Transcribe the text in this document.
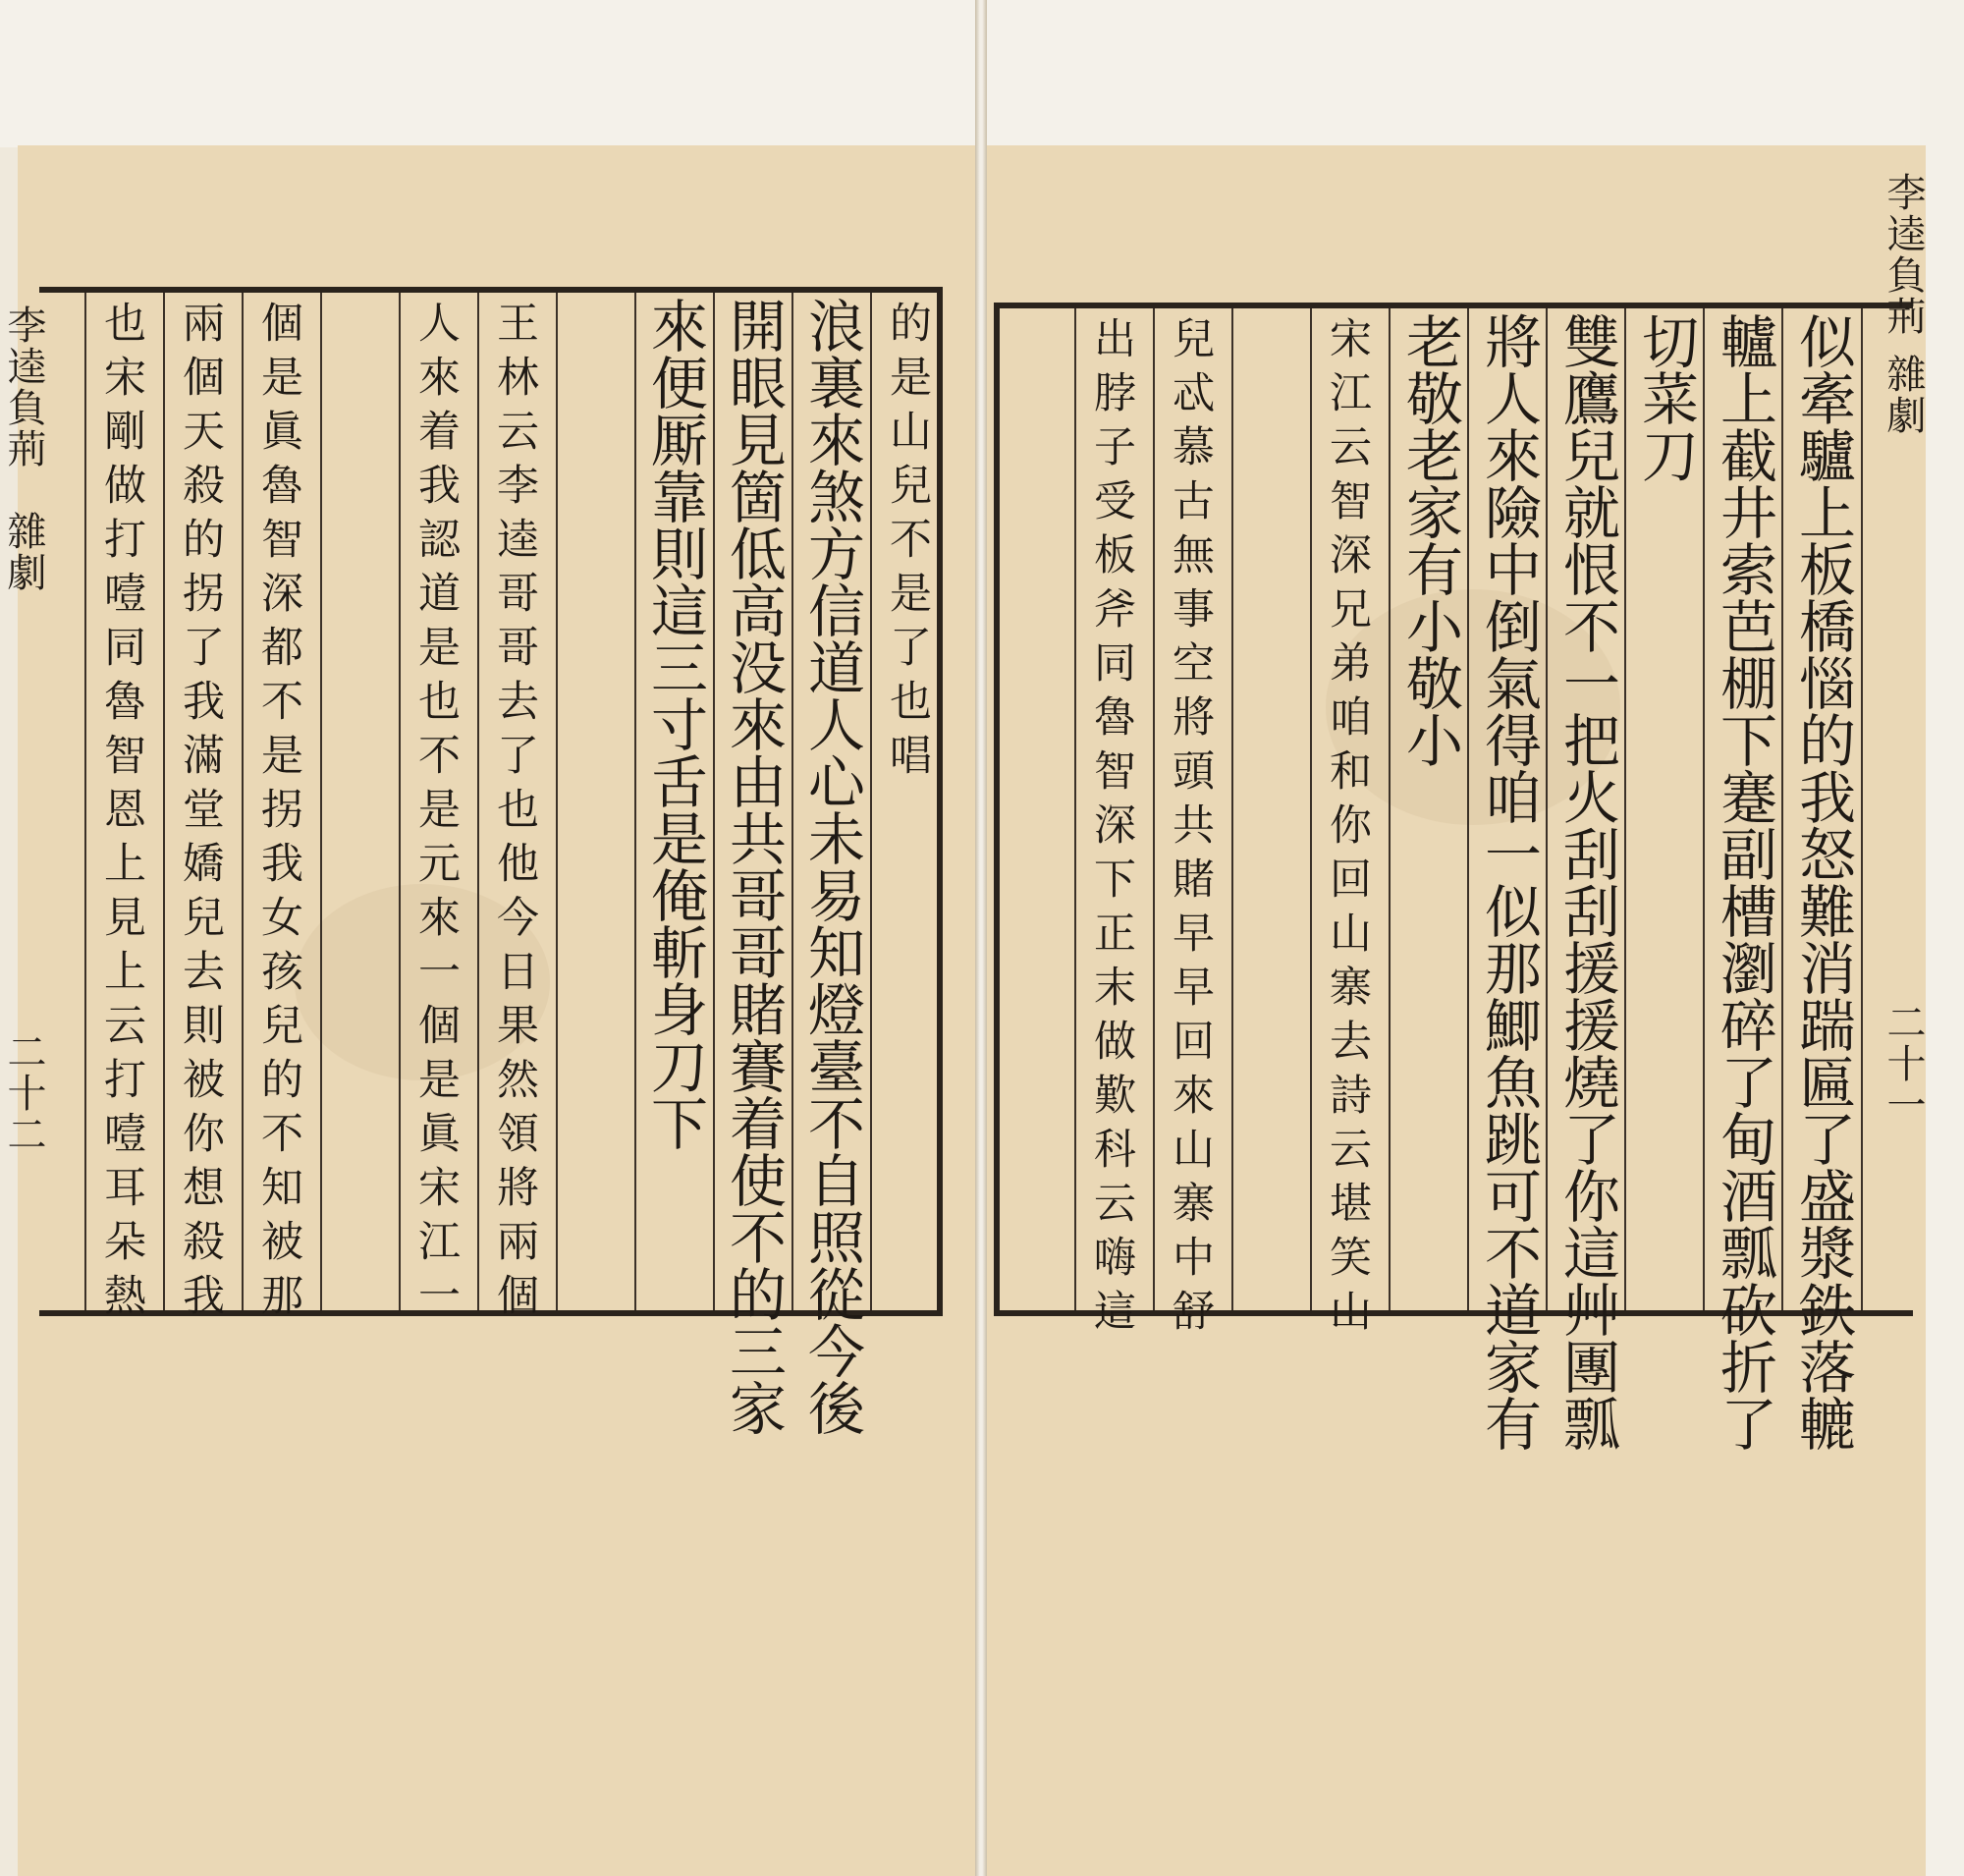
李逵負荊
雜劇
二十一
李逵負荊
雜劇
二十二	似牽驢上板橋惱的我怒難消踹匾了盛漿鉄落轆
轤上截井索芭棚下蹇副槽瀏碎了甸酒瓢砍折了
切菜刀
雙鷹兒就恨不一把火刮刮援援燒了你這艸團瓢
將人來險中倒氣得咱一似那鯽魚跳可不道家有
老敬老家有小敬小
宋江云智深兄弟咱和你回山寨去詩云堪笑山
兒忒慕古無事空將頭共賭早早回來山寨中舒
出脖子受板斧同魯智深下正末做歎科云嗨這
的是山兒不是了也唱
浪裏來煞方信道人心未易知燈臺不自照從今後
開眼見箇低高没來由共哥哥賭賽着使不的三家
來便厮靠則這三寸舌是俺斬身刀下
王林云李逵哥哥去了也他今日果然領將兩個
人來着我認道是也不是元來一個是眞宋江一
個是眞魯智深都不是拐我女孩兒的不知被那
兩個天殺的拐了我滿堂嬌兒去則被你想殺我
也宋剛做打噎同魯智恩上見上云打噎耳朵熱
